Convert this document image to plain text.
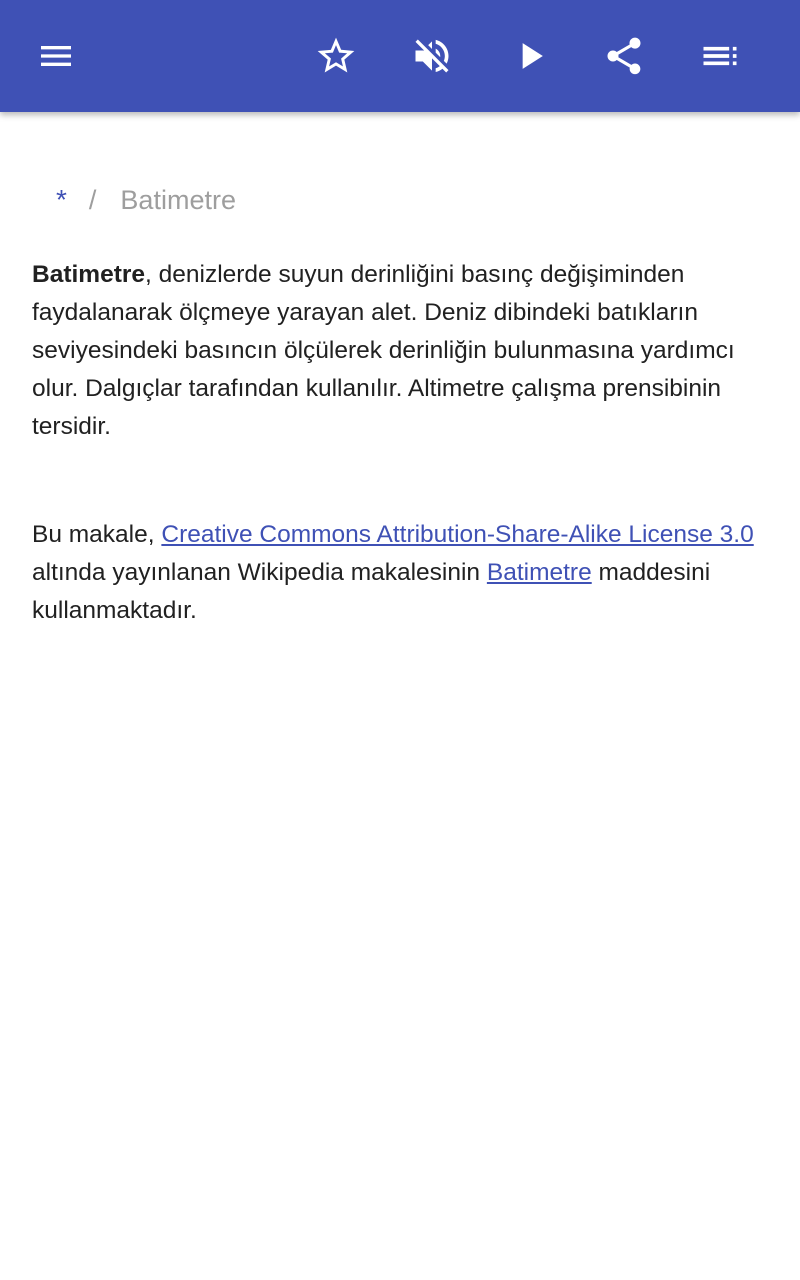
* / Batimetre

Batimetre, denizlerde suyun derinliğini basınç değişiminden faydalanarak ölçmeye yarayan alet. Deniz dibindeki batıkların seviyesindeki basıncın ölçülerek derinliğin bulunmasına yardımcı olur. Dalgıçlar tarafından kullanılır. Altimetre çalışma prensibinin tersidir.

Bu makale, Creative Commons Attribution-Share-Alike License 3.0 altında yayınlanan Wikipedia makalesinin Batimetre maddesini kullanmaktadır.
